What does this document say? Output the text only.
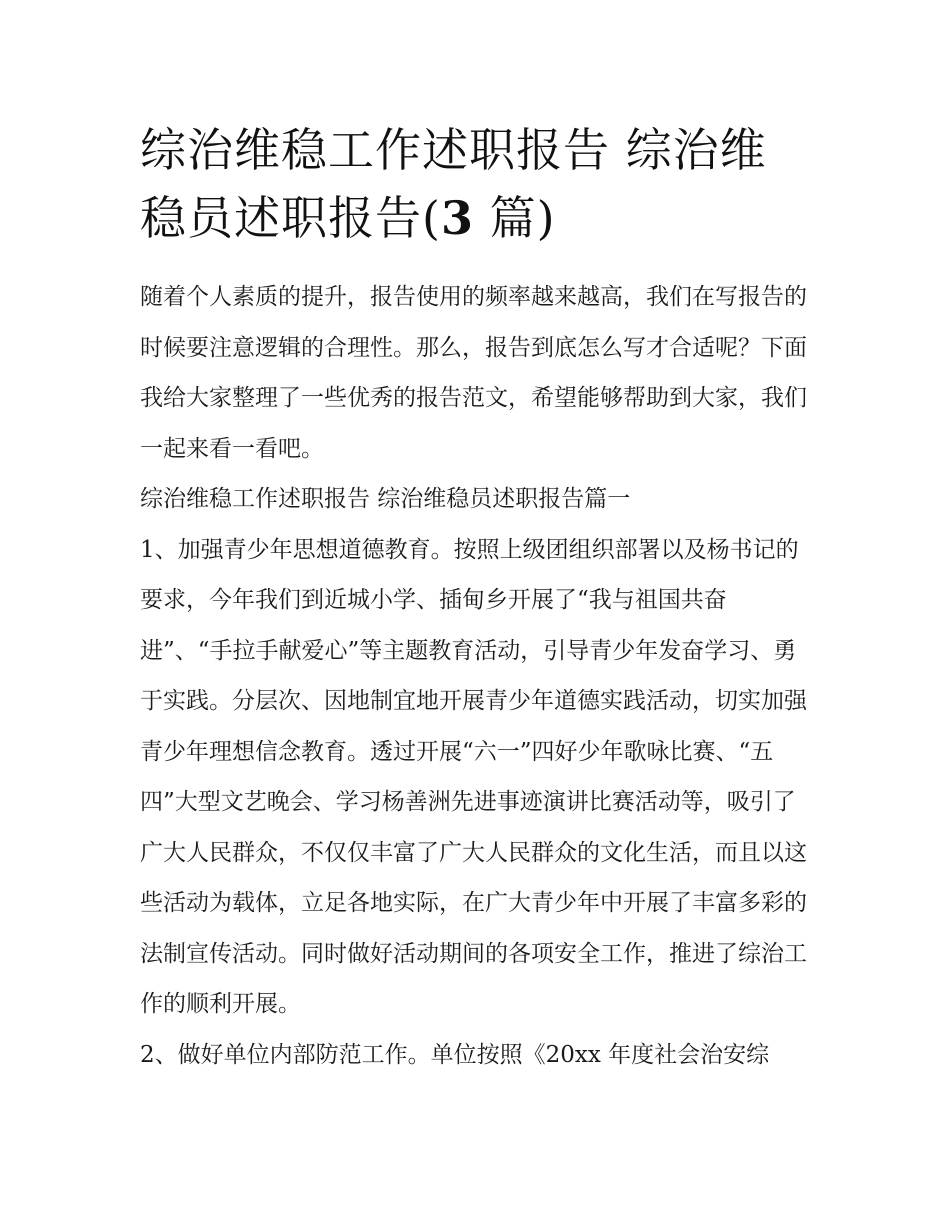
综治维稳工作述职报告 综治维稳员述职报告(3 篇)

随着个人素质的提升，报告使用的频率越来越高，我们在写报告的时候要注意逻辑的合理性。那么，报告到底怎么写才合适呢？下面我给大家整理了一些优秀的报告范文，希望能够帮助到大家，我们一起来看一看吧。

综治维稳工作述职报告 综治维稳员述职报告篇一

1、加强青少年思想道德教育。按照上级团组织部署以及杨书记的要求，今年我们到近城小学、插甸乡开展了“我与祖国共奋进”、“手拉手献爱心”等主题教育活动，引导青少年发奋学习、勇于实践。分层次、因地制宜地开展青少年道德实践活动，切实加强青少年理想信念教育。透过开展“六一”四好少年歌咏比赛、“五四”大型文艺晚会、学习杨善洲先进事迹演讲比赛活动等，吸引了广大人民群众，不仅仅丰富了广大人民群众的文化生活，而且以这些活动为载体，立足各地实际，在广大青少年中开展了丰富多彩的法制宣传活动。同时做好活动期间的各项安全工作，推进了综治工作的顺利开展。

2、做好单位内部防范工作。单位按照《20xx 年度社会治安综
